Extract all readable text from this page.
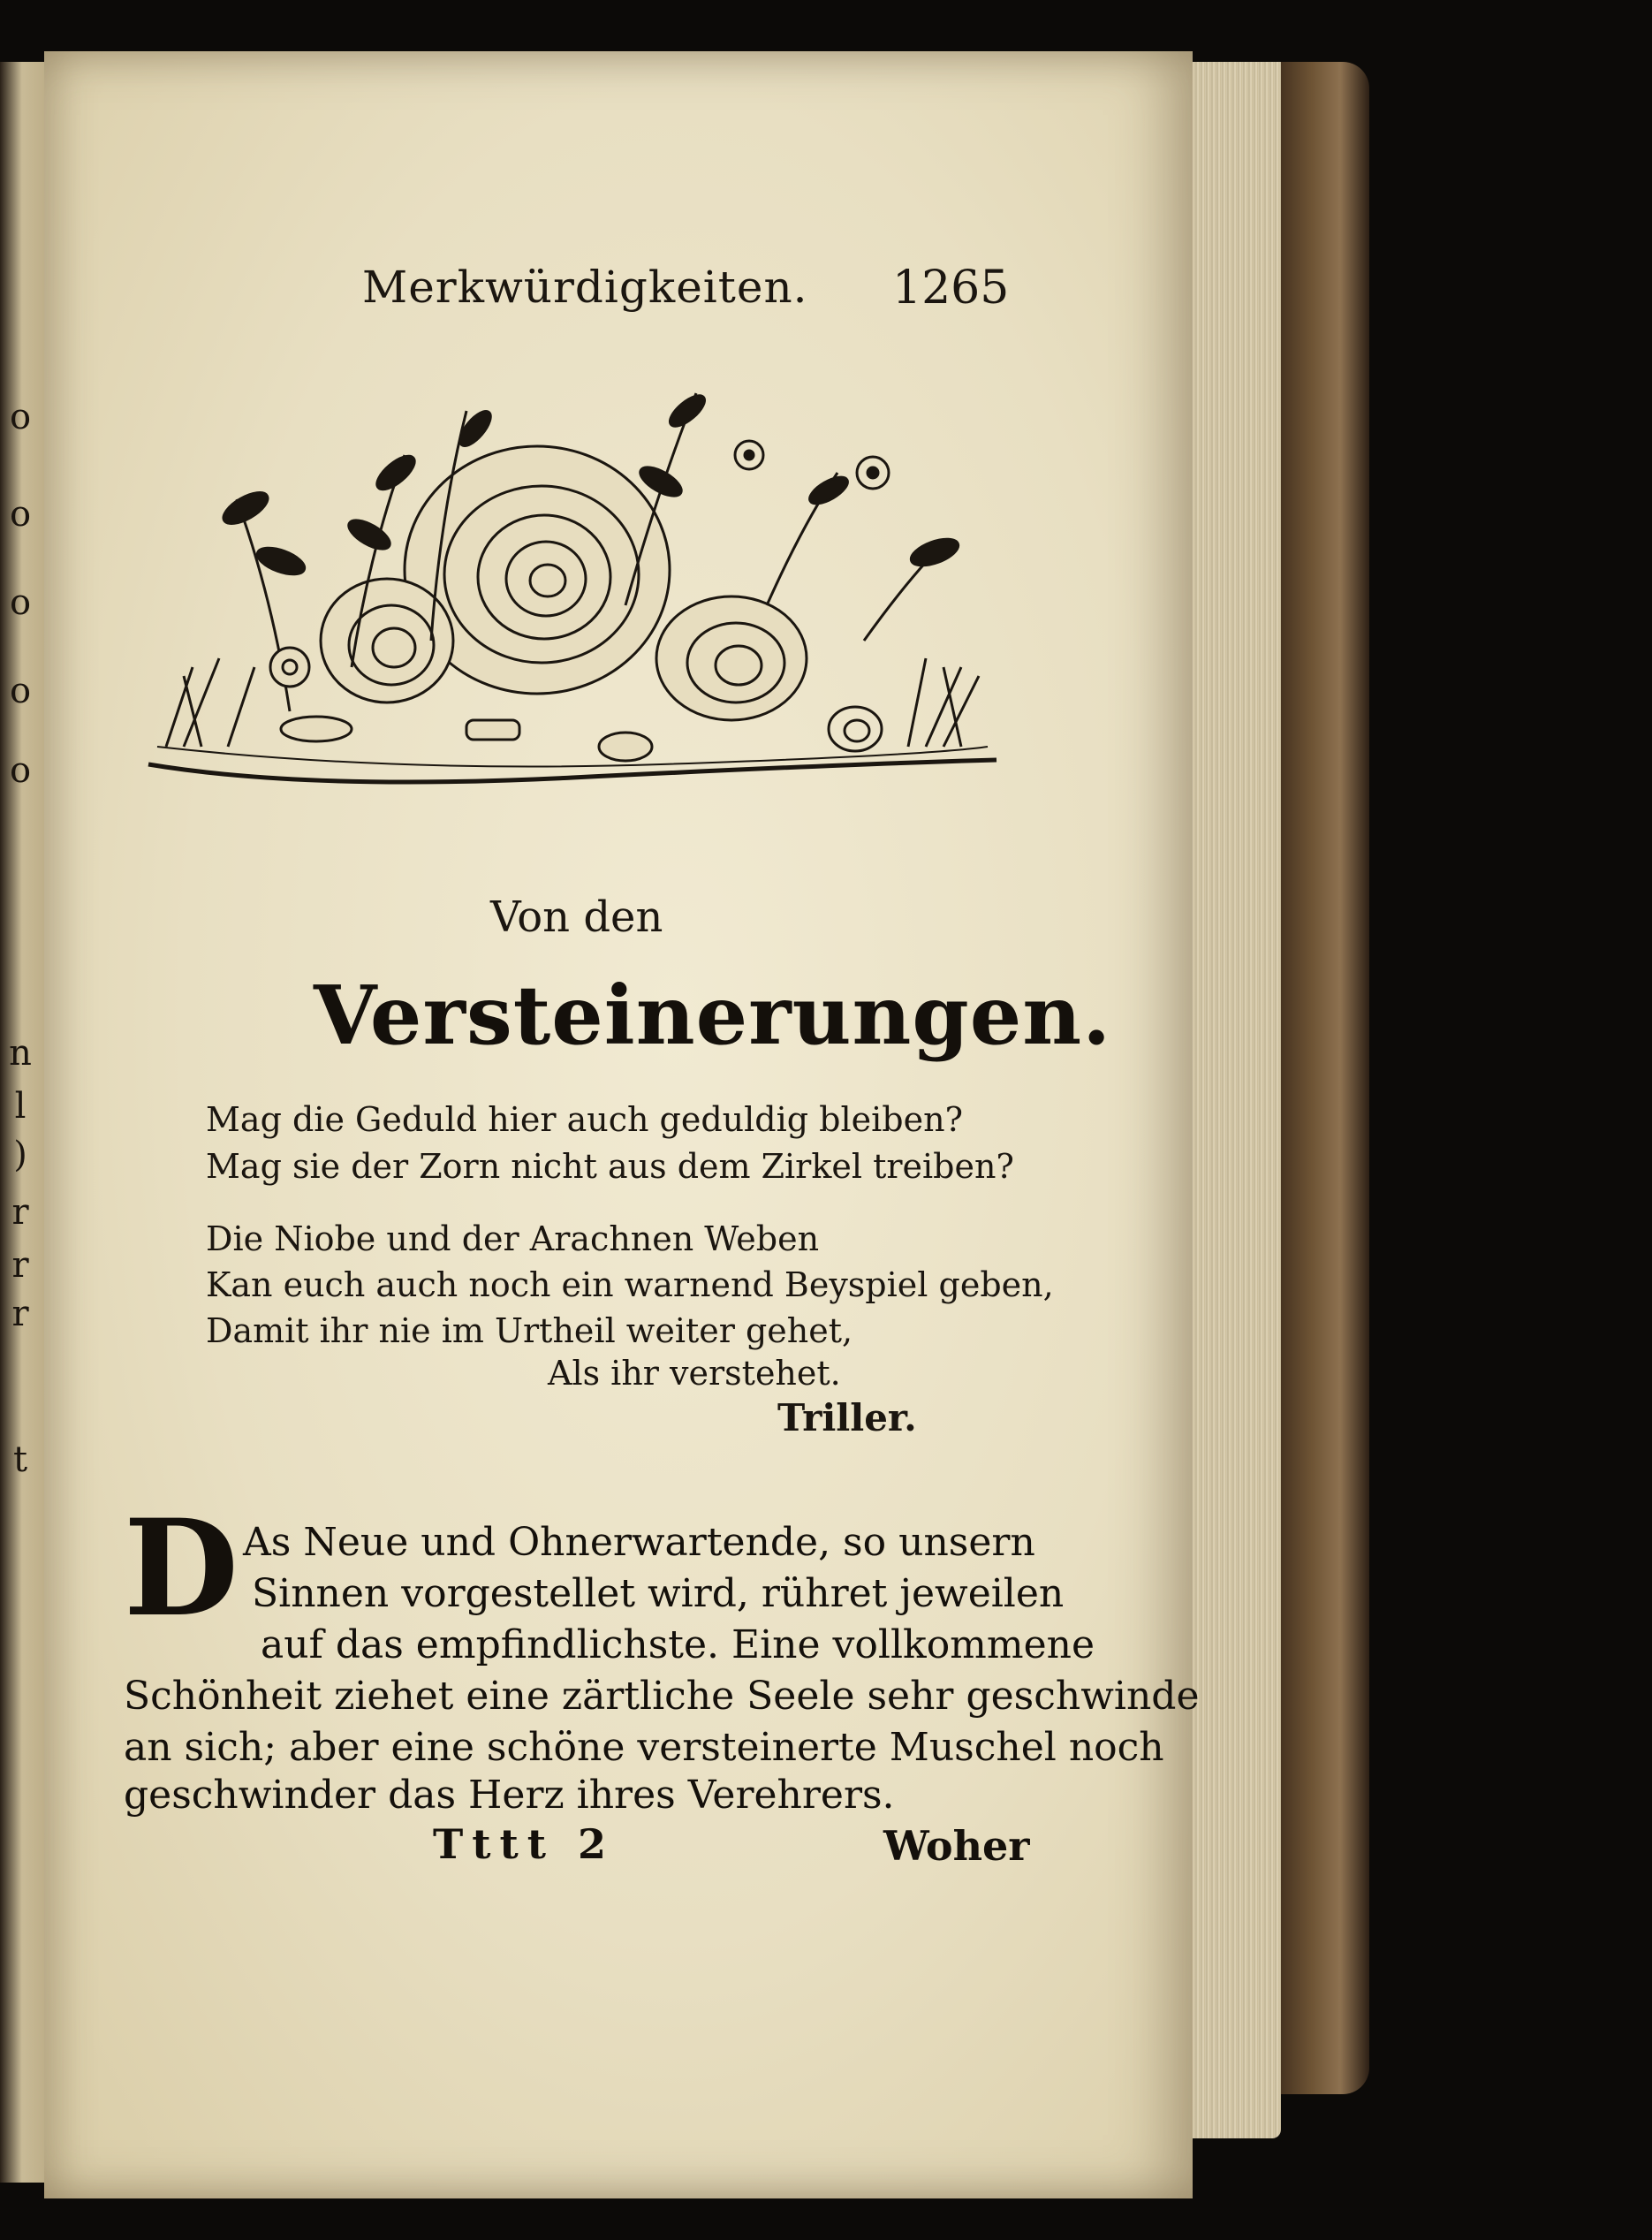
o
o
o
o
o
n
l
)
r
r
r
t
Merkwürdigkeiten. 1265
Von den
Versteinerungen.
Mag die Geduld hier auch geduldig bleiben?
Mag sie der Zorn nicht aus dem Zirkel treiben?
Die Niobe und der Arachnen Weben
Kan euch auch noch ein warnend Beyspiel geben,
Damit ihr nie im Urtheil weiter gehet,
Als ihr verstehet.
Triller.
D As Neue und Ohnerwartende, so unsern
Sinnen vorgestellet wird, rühret jeweilen
auf das empfindlichste. Eine vollkommene
Schönheit ziehet eine zärtliche Seele sehr geschwinde
an sich; aber eine schöne versteinerte Muschel noch
geschwinder das Herz ihres Verehrers.
Tttt 2	Woher
